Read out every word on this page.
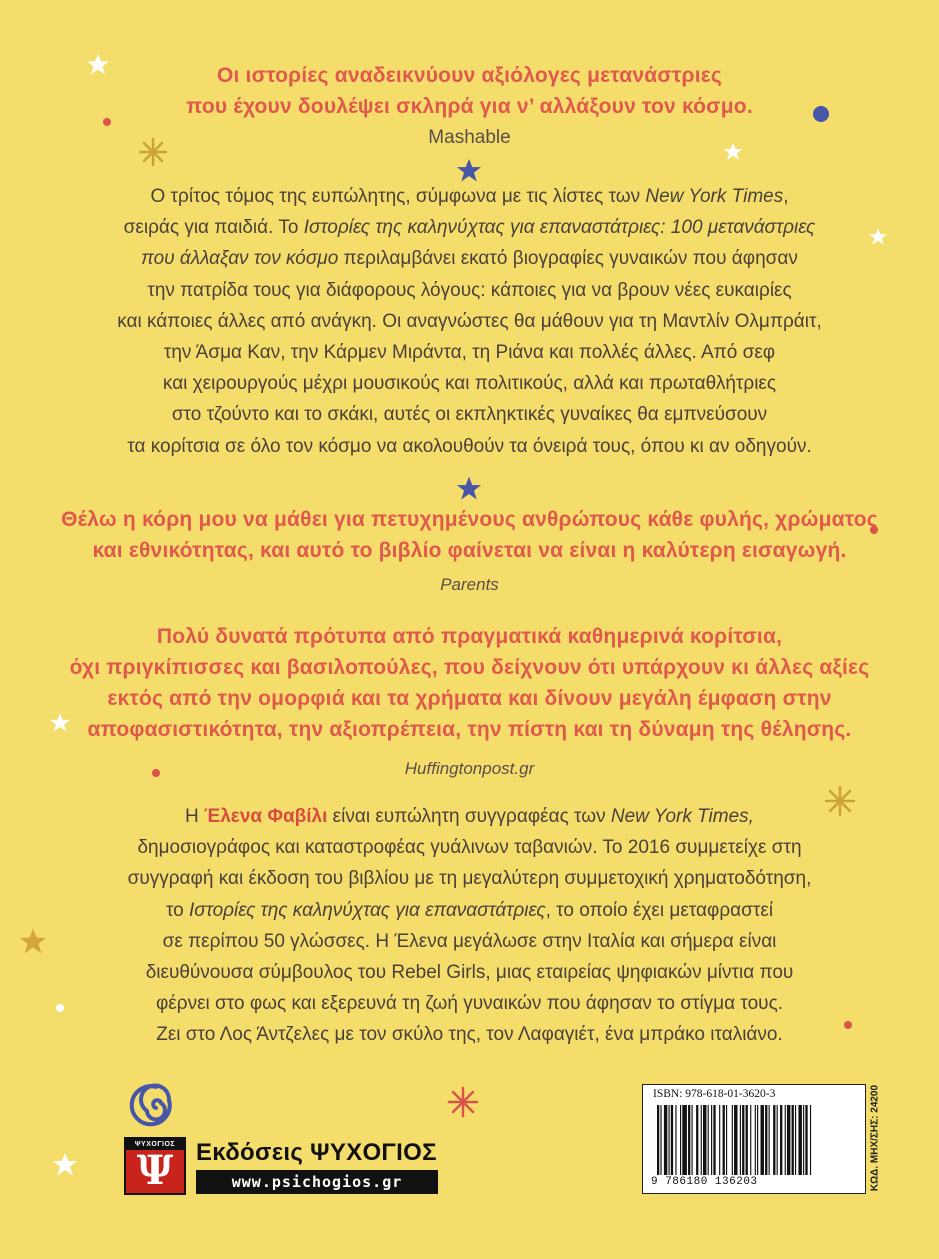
Οι ιστορίες αναδεικνύουν αξιόλογες μετανάστριες
που έχουν δουλέψει σκληρά για ν’ αλλάξουν τον κόσμο.
Mashable
Ο τρίτος τόμος της ευπώλητης, σύμφωνα με τις λίστες των New York Times,
σειράς για παιδιά. Το Ιστορίες της καληνύχτας για επαναστάτριες: 100 μετανάστριες
που άλλαξαν τον κόσμο περιλαμβάνει εκατό βιογραφίες γυναικών που άφησαν
την πατρίδα τους για διάφορους λόγους: κάποιες για να βρουν νέες ευκαιρίες
και κάποιες άλλες από ανάγκη. Οι αναγνώστες θα μάθουν για τη Μαντλίν Ολμπράιτ,
την Άσμα Καν, την Κάρμεν Μιράντα, τη Ριάνα και πολλές άλλες. Από σεφ
και χειρουργούς μέχρι μουσικούς και πολιτικούς, αλλά και πρωταθλήτριες
στο τζούντο και το σκάκι, αυτές οι εκπληκτικές γυναίκες θα εμπνεύσουν
τα κορίτσια σε όλο τον κόσμο να ακολουθούν τα όνειρά τους, όπου κι αν οδηγούν.
Θέλω η κόρη μου να μάθει για πετυχημένους ανθρώπους κάθε φυλής, χρώματος
και εθνικότητας, και αυτό το βιβλίο φαίνεται να είναι η καλύτερη εισαγωγή.
Parents
Πολύ δυνατά πρότυπα από πραγματικά καθημερινά κορίτσια,
όχι πριγκίπισσες και βασιλοπούλες, που δείχνουν ότι υπάρχουν κι άλλες αξίες
εκτός από την ομορφιά και τα χρήματα και δίνουν μεγάλη έμφαση στην
αποφασιστικότητα, την αξιοπρέπεια, την πίστη και τη δύναμη της θέλησης.
Huffingtonpost.gr
Η Έλενα Φαβίλι είναι ευπώλητη συγγραφέας των New York Times,
δημοσιογράφος και καταστροφέας γυάλινων ταβανιών. Το 2016 συμμετείχε στη
συγγραφή και έκδοση του βιβλίου με τη μεγαλύτερη συμμετοχική χρηματοδότηση,
το Ιστορίες της καληνύχτας για επαναστάτριες, το οποίο έχει μεταφραστεί
σε περίπου 50 γλώσσες. Η Έλενα μεγάλωσε στην Ιταλία και σήμερα είναι
διευθύνουσα σύμβουλος του Rebel Girls, μιας εταιρείας ψηφιακών μίντια που
φέρνει στο φως και εξερευνά τη ζωή γυναικών που άφησαν το στίγμα τους.
Ζει στο Λος Άντζελες με τον σκύλο της, τον Λαφαγιέτ, ένα μπράκο ιταλιάνο.
ΨΥΧΟΓΙΟΣ
Ψ Εκδόσεις ΨΥΧΟΓΙΟΣ
www.psichogios.gr
ISBN: 978-618-01-3620-3
9 786180 136203	ΚΩΔ. ΜΗΧ/ΣΗΣ: 24200
